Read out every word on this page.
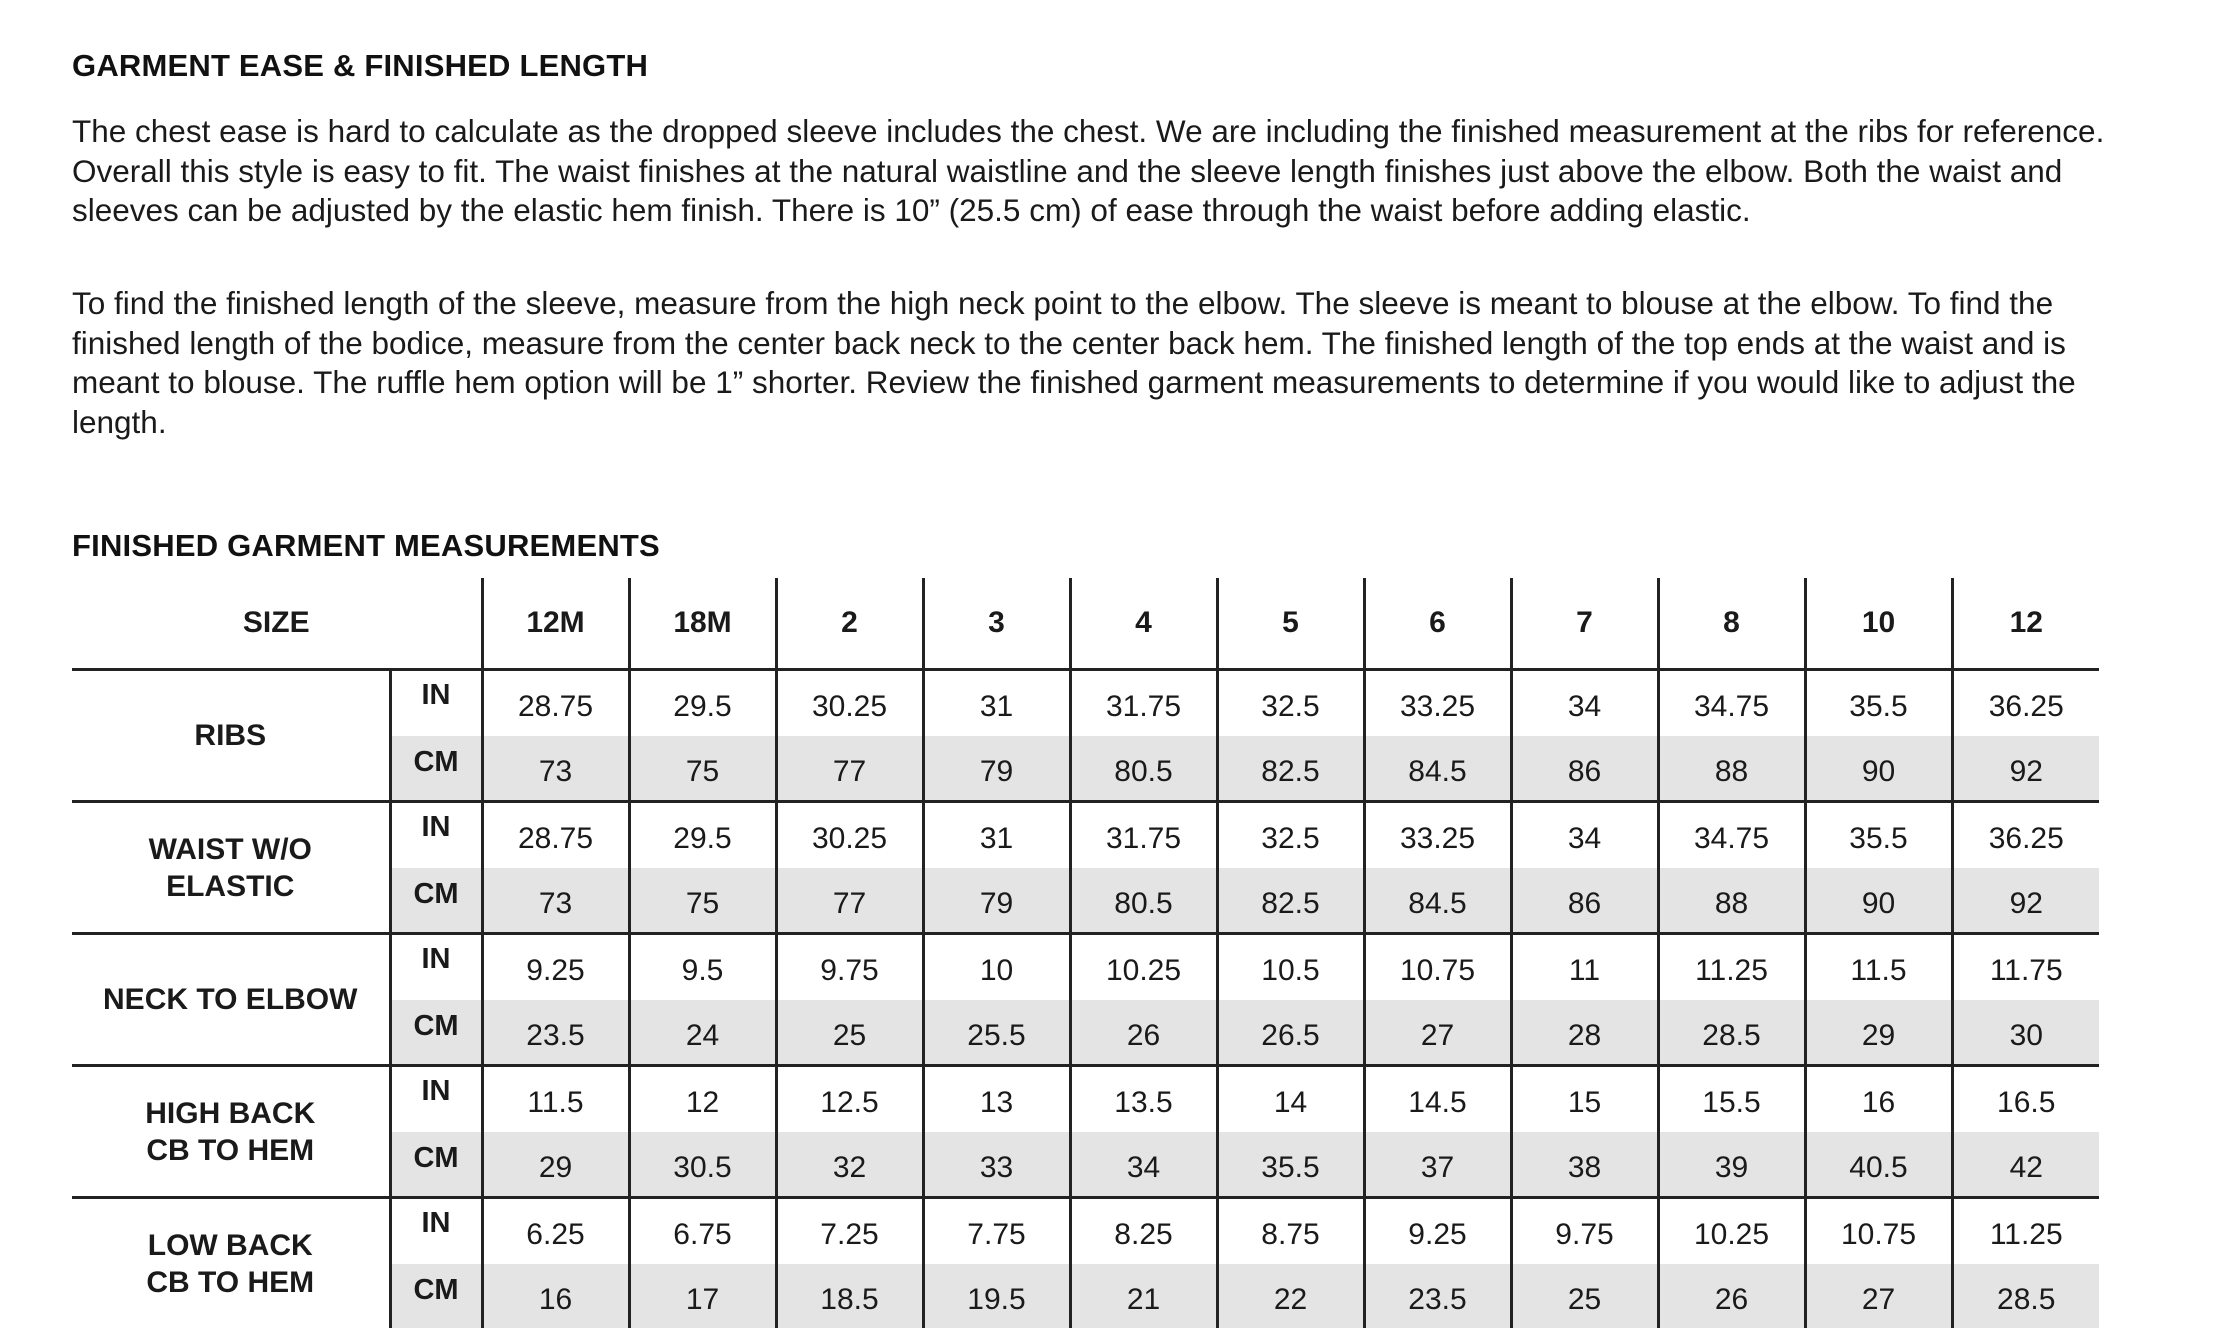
GARMENT EASE & FINISHED LENGTH

The chest ease is hard to calculate as the dropped sleeve includes the chest. We are including the finished measurement at the ribs for reference. Overall this style is easy to fit. The waist finishes at the natural waistline and the sleeve length finishes just above the elbow. Both the waist and sleeves can be adjusted by the elastic hem finish. There is 10” (25.5 cm) of ease through the waist before adding elastic.

To find the finished length of the sleeve, measure from the high neck point to the elbow. The sleeve is meant to blouse at the elbow. To find the finished length of the bodice, measure from the center back neck to the center back hem. The finished length of the top ends at the waist and is meant to blouse. The ruffle hem option will be 1” shorter. Review the finished garment measurements to determine if you would like to adjust the length.

FINISHED GARMENT MEASUREMENTS
SIZE		12M	18M	2	3	4	5	6	7	8	10	12
RIBS	IN	28.75	29.5	30.25	31	31.75	32.5	33.25	34	34.75	35.5	36.25
	CM	73	75	77	79	80.5	82.5	84.5	86	88	90	92
WAIST W/O
ELASTIC	IN	28.75	29.5	30.25	31	31.75	32.5	33.25	34	34.75	35.5	36.25
	CM	73	75	77	79	80.5	82.5	84.5	86	88	90	92
NECK TO ELBOW	IN	9.25	9.5	9.75	10	10.25	10.5	10.75	11	11.25	11.5	11.75
	CM	23.5	24	25	25.5	26	26.5	27	28	28.5	29	30
HIGH BACK
CB TO HEM	IN	11.5	12	12.5	13	13.5	14	14.5	15	15.5	16	16.5
	CM	29	30.5	32	33	34	35.5	37	38	39	40.5	42
LOW BACK
CB TO HEM	IN	6.25	6.75	7.25	7.75	8.25	8.75	9.25	9.75	10.25	10.75	11.25
	CM	16	17	18.5	19.5	21	22	23.5	25	26	27	28.5
